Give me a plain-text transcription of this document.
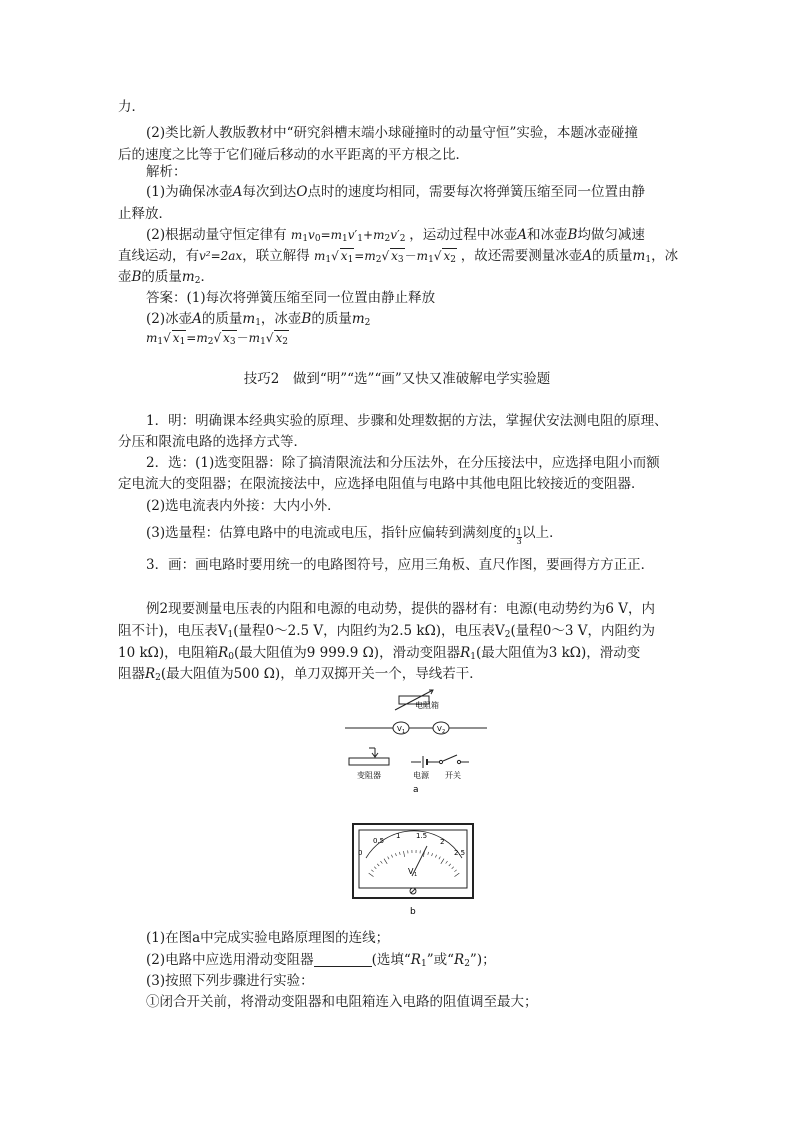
力．
(2)类比新人教版教材中“研究斜槽末端小球碰撞时的动量守恒”实验，本题冰壶碰撞
后的速度之比等于它们碰后移动的水平距离的平方根之比．
解析：
(1)为确保冰壶A每次到达O点时的速度均相同，需要每次将弹簧压缩至同一位置由静
止释放．
(2)根据动量守恒定律有 $m_1v_0=m_1v'_1+m_2v'_2$ ，运动过程中冰壶A和冰壶B均做匀减速
直线运动，有v²=2ax，联立解得 $m_1√$ $x_1=m_2√$ $x_3-m_1√$ $x_2$ ，故还需要测量冰壶A的质量$m_1$，冰
壶B的质量$m_2$．
答案：(1)每次将弹簧压缩至同一位置由静止释放
(2)冰壶A的质量$m_1$，冰壶B的质量$m_2$
$m_1√$ $x_1=m_2√$ $x_3-m_1√$ $x_2$
技巧2　做到“明”“选”“画”又快又准破解电学实验题
1．明：明确课本经典实验的原理、步骤和处理数据的方法，掌握伏安法测电阻的原理、
分压和限流电路的选择方式等．
2．选：(1)选变阻器：除了搞清限流法和分压法外，在分压接法中，应选择电阻小而额
定电流大的变阻器；在限流接法中，应选择电阻值与电路中其他电阻比较接近的变阻器．
(2)选电流表内外接：大内小外．
(3)选量程：估算电路中的电流或电压，指针应偏转到满刻度的 $\frac{1}{3}$ 以上．
3．画：画电路时要用统一的电路图符号，应用三角板、直尺作图，要画得方方正正．
例2现要测量电压表的内阻和电源的电动势，提供的器材有：电源(电动势约为6 V，内
阻不计)，电压表$V_1$(量程0～2.5 V，内阻约为2.5 kΩ)，电压表$V_2$(量程0～3 V，内阻约为
10 kΩ)，电阻箱$R_0$(最大阻值为9 999.9 Ω)，滑动变阻器$R_1$(最大阻值为3 kΩ)，滑动变
阻器$R_2$(最大阻值为500 Ω)，单刀双掷开关一个，导线若干．
电阻箱
V 1	V 2
变阻器	电源 开关
a
0
0.5
1 1.5
2
2.5
V 1
b
(1)在图a中完成实验电路原理图的连线；
(2)电路中应选用滑动变阻器	(选填“$R_1$”或“$R_2$”)；
(3)按照下列步骤进行实验：
①闭合开关前，将滑动变阻器和电阻箱连入电路的阻值调至最大；
